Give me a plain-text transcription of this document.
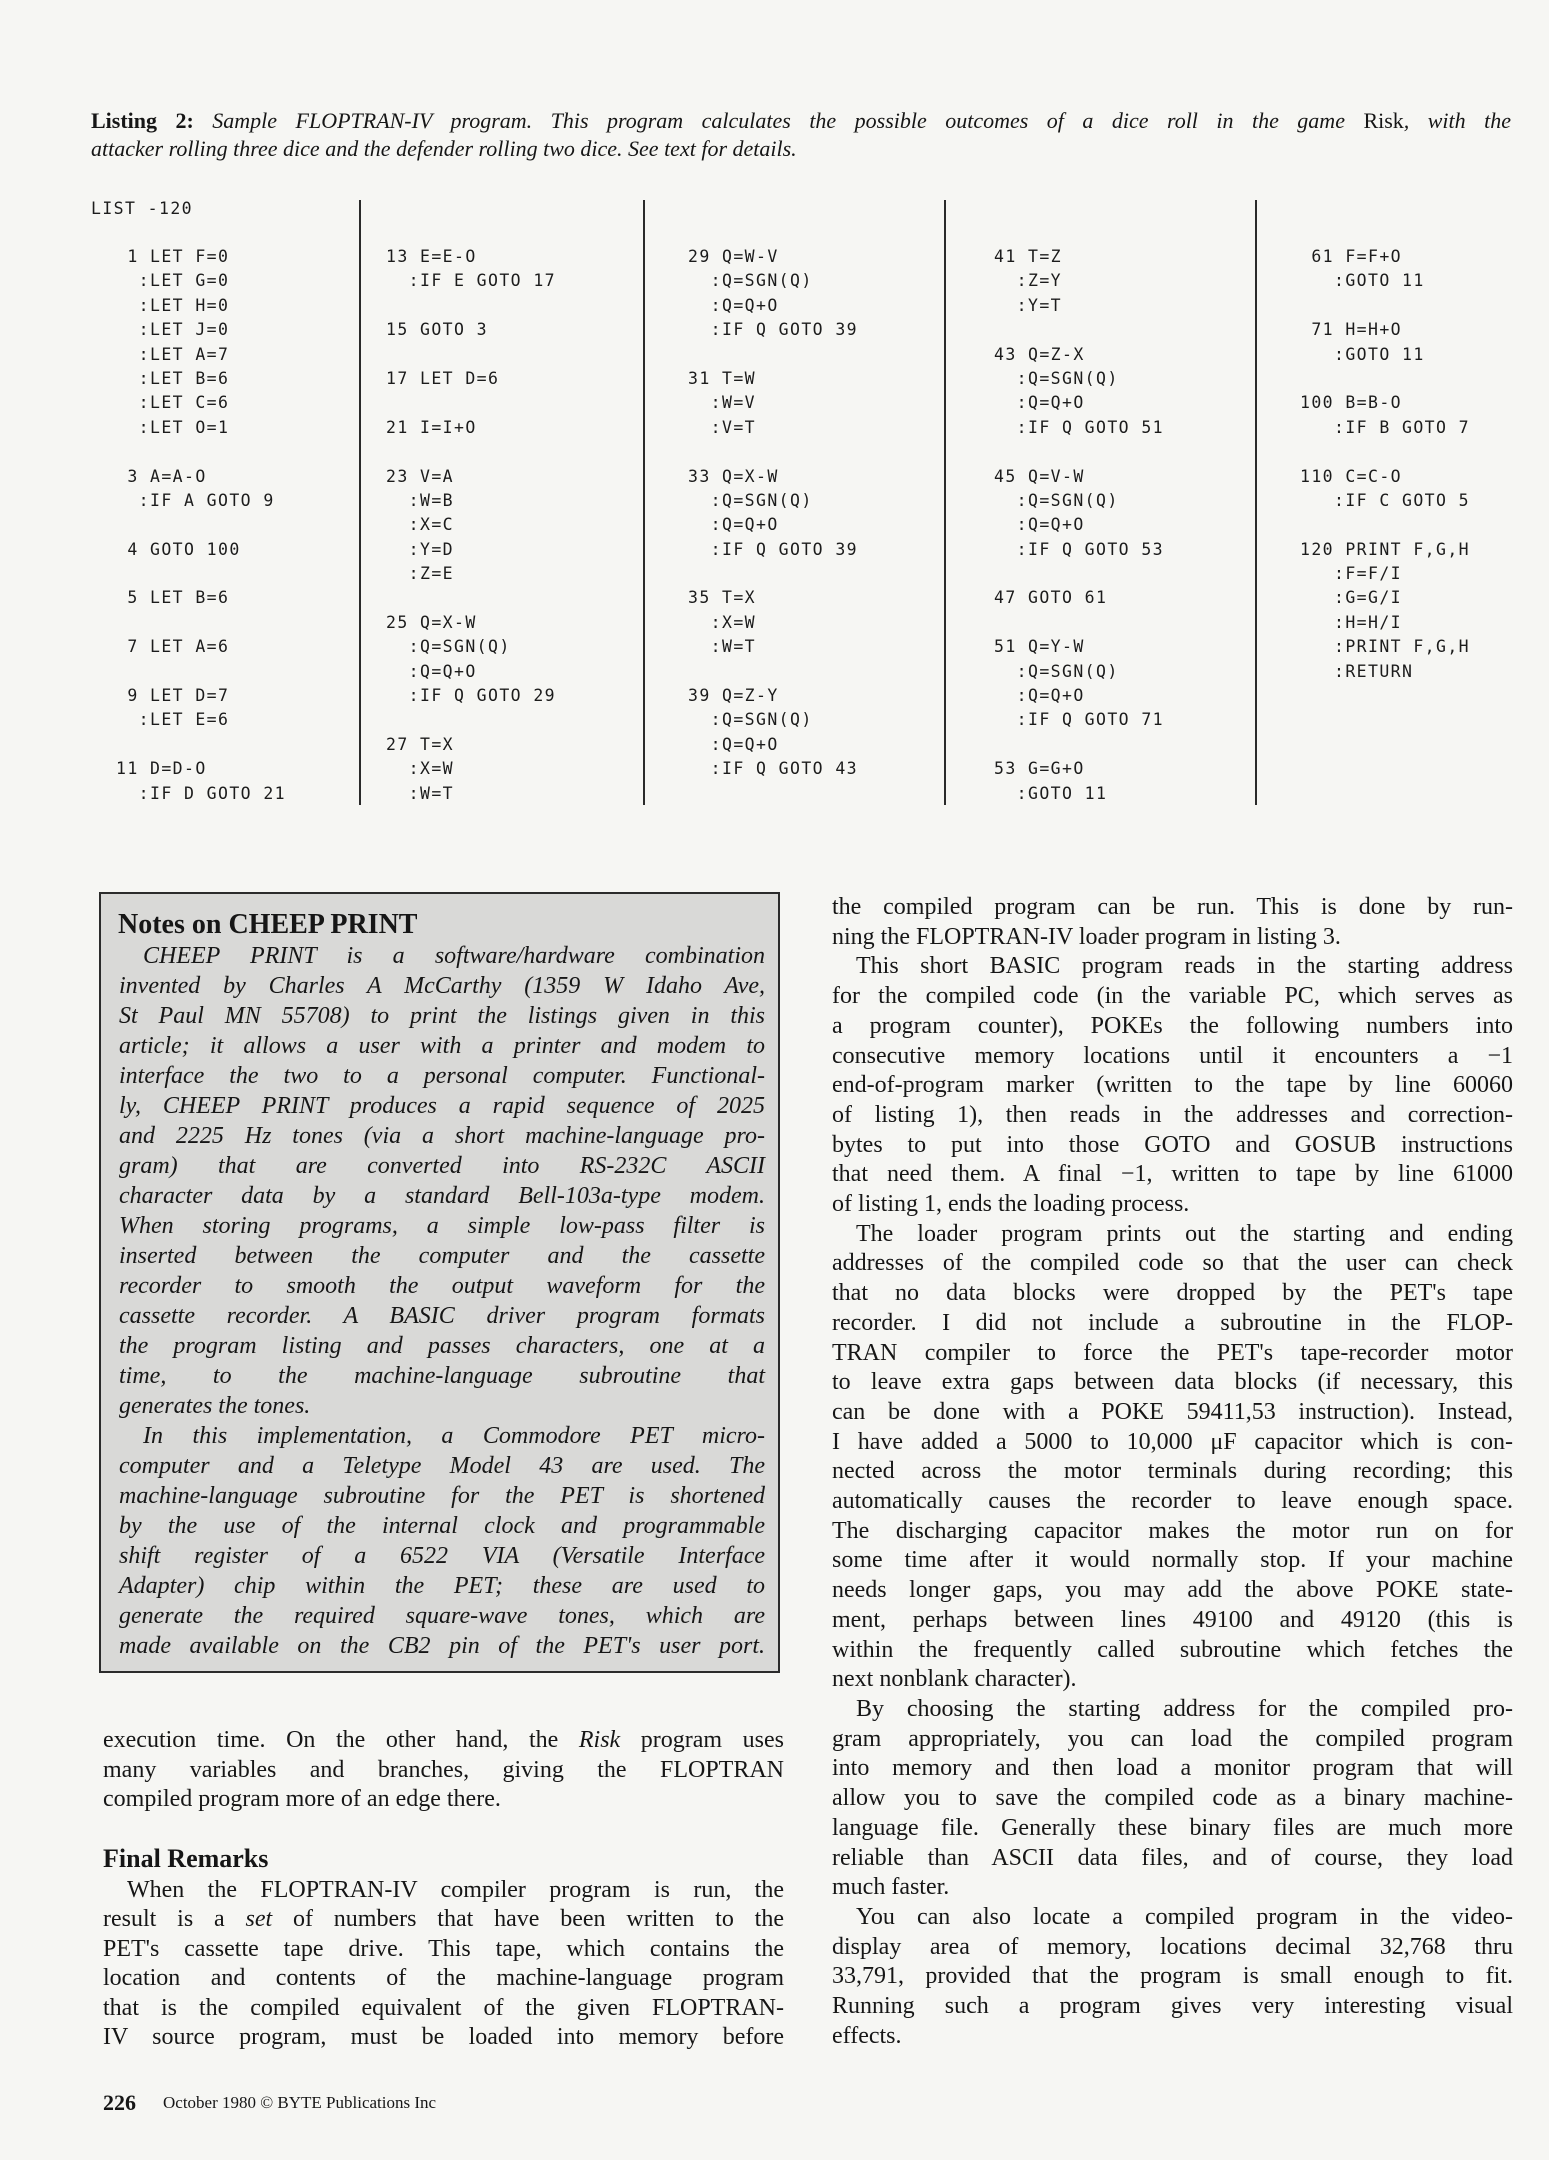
Listing 2: Sample FLOPTRAN-IV program. This program calculates the possible outcomes of a dice roll in the game Risk, with the
attacker rolling three dice and the defender rolling two dice. See text for details.
LIST -120
1 LET F=0
:LET G=0
:LET H=0
:LET J=0
:LET A=7
:LET B=6
:LET C=6
:LET O=1
3 A=A-O
:IF A GOTO 9
4 GOTO 100
5 LET B=6
7 LET A=6
9 LET D=7
:LET E=6
11 D=D-O
:IF D GOTO 21
13 E=E-O
:IF E GOTO 17
15 GOTO 3
17 LET D=6
21 I=I+O
23 V=A
:W=B
:X=C
:Y=D
:Z=E
25 Q=X-W
:Q=SGN(Q)
:Q=Q+O
:IF Q GOTO 29
27 T=X
:X=W
:W=T
29 Q=W-V
:Q=SGN(Q)
:Q=Q+O
:IF Q GOTO 39
31 T=W
:W=V
:V=T
33 Q=X-W
:Q=SGN(Q)
:Q=Q+O
:IF Q GOTO 39
35 T=X
:X=W
:W=T
39 Q=Z-Y
:Q=SGN(Q)
:Q=Q+O
:IF Q GOTO 43
41 T=Z
:Z=Y
:Y=T
43 Q=Z-X
:Q=SGN(Q)
:Q=Q+O
:IF Q GOTO 51
45 Q=V-W
:Q=SGN(Q)
:Q=Q+O
:IF Q GOTO 53
47 GOTO 61
51 Q=Y-W
:Q=SGN(Q)
:Q=Q+O
:IF Q GOTO 71
53 G=G+O
:GOTO 11
61 F=F+O
:GOTO 11
71 H=H+O
:GOTO 11
100 B=B-O
:IF B GOTO 7
110 C=C-O
:IF C GOTO 5
120 PRINT F,G,H
:F=F/I
:G=G/I
:H=H/I
:PRINT F,G,H
:RETURN
Notes on CHEEP PRINT
CHEEP PRINT is a software/hardware combination
invented by Charles A McCarthy (1359 W Idaho Ave,
St Paul MN 55708) to print the listings given in this
article; it allows a user with a printer and modem to
interface the two to a personal computer. Functional-
ly, CHEEP PRINT produces a rapid sequence of 2025
and 2225 Hz tones (via a short machine-language pro-
gram) that are converted into RS-232C ASCII
character data by a standard Bell-103a-type modem.
When storing programs, a simple low-pass filter is
inserted between the computer and the cassette
recorder to smooth the output waveform for the
cassette recorder. A BASIC driver program formats
the program listing and passes characters, one at a
time, to the machine-language subroutine that
generates the tones.
In this implementation, a Commodore PET micro-
computer and a Teletype Model 43 are used. The
machine-language subroutine for the PET is shortened
by the use of the internal clock and programmable
shift register of a 6522 VIA (Versatile Interface
Adapter) chip within the PET; these are used to
generate the required square-wave tones, which are
made available on the CB2 pin of the PET's user port.
execution time. On the other hand, the Risk program uses
many variables and branches, giving the FLOPTRAN
compiled program more of an edge there.
Final Remarks
When the FLOPTRAN-IV compiler program is run, the
result is a set of numbers that have been written to the
PET's cassette tape drive. This tape, which contains the
location and contents of the machine-language program
that is the compiled equivalent of the given FLOPTRAN-
IV source program, must be loaded into memory before
the compiled program can be run. This is done by run-
ning the FLOPTRAN-IV loader program in listing 3.
This short BASIC program reads in the starting address
for the compiled code (in the variable PC, which serves as
a program counter), POKEs the following numbers into
consecutive memory locations until it encounters a −1
end-of-program marker (written to the tape by line 60060
of listing 1), then reads in the addresses and correction-
bytes to put into those GOTO and GOSUB instructions
that need them. A final −1, written to tape by line 61000
of listing 1, ends the loading process.
The loader program prints out the starting and ending
addresses of the compiled code so that the user can check
that no data blocks were dropped by the PET's tape
recorder. I did not include a subroutine in the FLOP-
TRAN compiler to force the PET's tape-recorder motor
to leave extra gaps between data blocks (if necessary, this
can be done with a POKE 59411,53 instruction). Instead,
I have added a 5000 to 10,000 μF capacitor which is con-
nected across the motor terminals during recording; this
automatically causes the recorder to leave enough space.
The discharging capacitor makes the motor run on for
some time after it would normally stop. If your machine
needs longer gaps, you may add the above POKE state-
ment, perhaps between lines 49100 and 49120 (this is
within the frequently called subroutine which fetches the
next nonblank character).
By choosing the starting address for the compiled pro-
gram appropriately, you can load the compiled program
into memory and then load a monitor program that will
allow you to save the compiled code as a binary machine-
language file. Generally these binary files are much more
reliable than ASCII data files, and of course, they load
much faster.
You can also locate a compiled program in the video-
display area of memory, locations decimal 32,768 thru
33,791, provided that the program is small enough to fit.
Running such a program gives very interesting visual
effects.
226 October 1980 © BYTE Publications Inc
